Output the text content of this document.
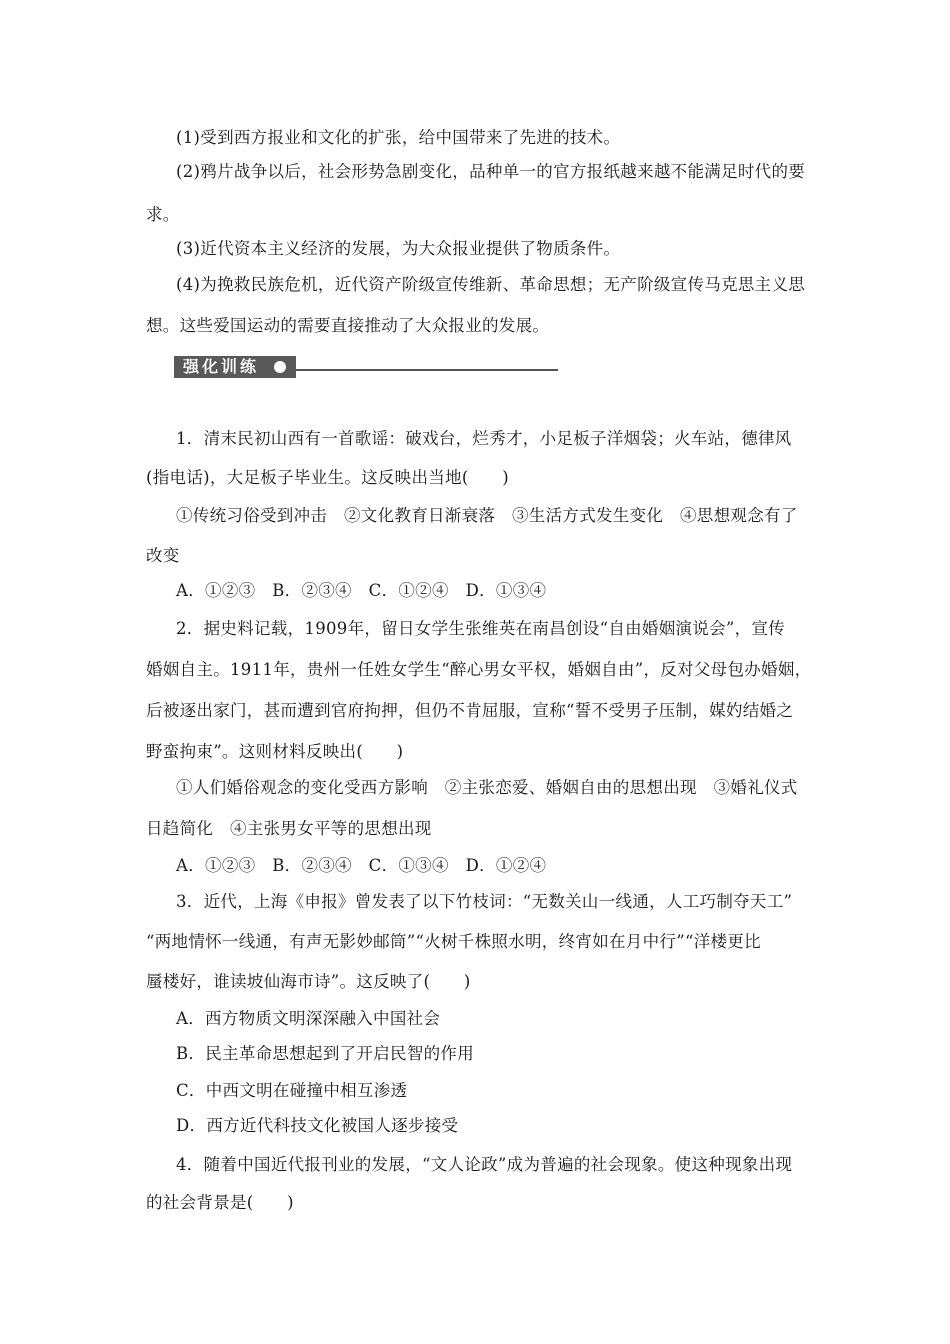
(1)受到西方报业和文化的扩张，给中国带来了先进的技术。
(2)鸦片战争以后，社会形势急剧变化，品种单一的官方报纸越来越不能满足时代的要
求。
(3)近代资本主义经济的发展，为大众报业提供了物质条件。
(4)为挽救民族危机，近代资产阶级宣传维新、革命思想；无产阶级宣传马克思主义思
想。这些爱国运动的需要直接推动了大众报业的发展。
强化训练
1．清末民初山西有一首歌谣：破戏台，烂秀才，小足板子洋烟袋；火车站，德律风
(指电话)，大足板子毕业生。这反映出当地(　　)
①传统习俗受到冲击　②文化教育日渐衰落　③生活方式发生变化　④思想观念有了
改变
A．①②③　B．②③④　C．①②④　D．①③④
2．据史料记载，1909年，留日女学生张维英在南昌创设“自由婚姻演说会”，宣传
婚姻自主。1911年，贵州一任姓女学生“醉心男女平权，婚姻自由”，反对父母包办婚姻，
后被逐出家门，甚而遭到官府拘押，但仍不肯屈服，宣称“誓不受男子压制，媒妁结婚之
野蛮拘束”。这则材料反映出(　　)
①人们婚俗观念的变化受西方影响　②主张恋爱、婚姻自由的思想出现　③婚礼仪式
日趋简化　④主张男女平等的思想出现
A．①②③　B．②③④　C．①③④　D．①②④
3．近代，上海《申报》曾发表了以下竹枝词：“无数关山一线通，人工巧制夺天工”
“两地情怀一线通，有声无影妙邮筒”“火树千株照水明，终宵如在月中行”“洋楼更比
蜃楼好，谁读坡仙海市诗”。这反映了(　　)
A．西方物质文明深深融入中国社会
B．民主革命思想起到了开启民智的作用
C．中西文明在碰撞中相互渗透
D．西方近代科技文化被国人逐步接受
4．随着中国近代报刊业的发展，“文人论政”成为普遍的社会现象。使这种现象出现
的社会背景是(　　)
